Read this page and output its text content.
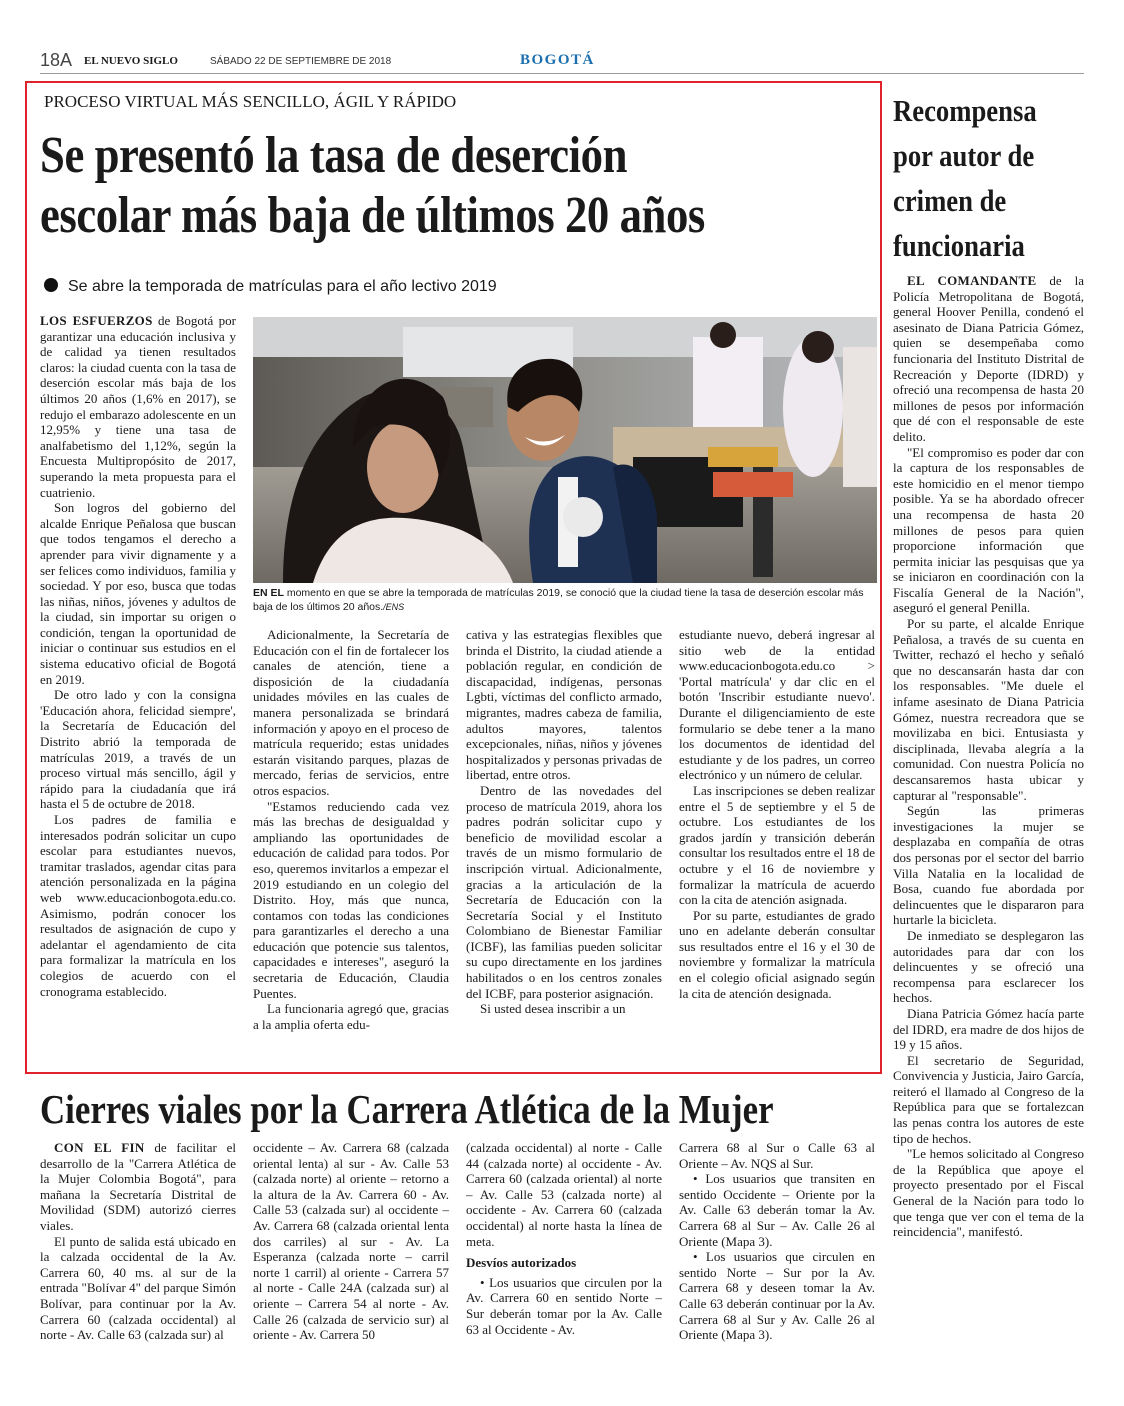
18A EL NUEVO SIGLO	SÁBADO 22 DE SEPTIEMBRE DE 2018	BOGOTÁ
PROCESO VIRTUAL MÁS SENCILLO, ÁGIL Y RÁPIDO
Se presentó la tasa de deserción escolar más baja de últimos 20 años
Se abre la temporada de matrículas para el año lectivo 2019

LOS ESFUERZOS de Bogotá por garantizar una educación inclusiva y de calidad ya tienen resultados claros: la ciudad cuenta con la tasa de deserción escolar más baja de los últimos 20 años (1,6% en 2017), se redujo el embarazo adolescente en un 12,95% y tiene una tasa de analfabetismo del 1,12%, según la Encuesta Multipropósito de 2017, superando la meta propuesta para el cuatrienio.

Son logros del gobierno del alcalde Enrique Peñalosa que buscan que todos tengamos el derecho a aprender para vivir dignamente y a ser felices como individuos, familia y sociedad. Y por eso, busca que todas las niñas, niños, jóvenes y adultos de la ciudad, sin importar su origen o condición, tengan la oportunidad de iniciar o continuar sus estudios en el sistema educativo oficial de Bogotá en 2019.

De otro lado y con la consigna 'Educación ahora, felicidad siempre', la Secretaría de Educación del Distrito abrió la temporada de matrículas 2019, a través de un proceso virtual más sencillo, ágil y rápido para la ciudadanía que irá hasta el 5 de octubre de 2018.

Los padres de familia e interesados podrán solicitar un cupo escolar para estudiantes nuevos, tramitar traslados, agendar citas para atención personalizada en la página web www.educacionbogota.edu.co. Asimismo, podrán conocer los resultados de asignación de cupo y adelantar el agendamiento de cita para formalizar la matrícula en los colegios de acuerdo con el cronograma establecido.

EN EL momento en que se abre la temporada de matrículas 2019, se conoció que la ciudad tiene la tasa de deserción escolar más baja de los últimos 20 años./ENS

Adicionalmente, la Secretaría de Educación con el fin de fortalecer los canales de atención, tiene a disposición de la ciudadanía unidades móviles en las cuales de manera personalizada se brindará información y apoyo en el proceso de matrícula requerido; estas unidades estarán visitando parques, plazas de mercado, ferias de servicios, entre otros espacios.

"Estamos reduciendo cada vez más las brechas de desigualdad y ampliando las oportunidades de educación de calidad para todos. Por eso, queremos invitarlos a empezar el 2019 estudiando en un colegio del Distrito. Hoy, más que nunca, contamos con todas las condiciones para garantizarles el derecho a una educación que potencie sus talentos, capacidades e intereses", aseguró la secretaria de Educación, Claudia Puentes.

La funcionaria agregó que, gracias a la amplia oferta edu-

cativa y las estrategias flexibles que brinda el Distrito, la ciudad atiende a población regular, en condición de discapacidad, indígenas, personas Lgbti, víctimas del conflicto armado, migrantes, madres cabeza de familia, adultos mayores, talentos excepcionales, niñas, niños y jóvenes hospitalizados y personas privadas de libertad, entre otros.

Dentro de las novedades del proceso de matrícula 2019, ahora los padres podrán solicitar cupo y beneficio de movilidad escolar a través de un mismo formulario de inscripción virtual. Adicionalmente, gracias a la articulación de la Secretaría de Educación con la Secretaría Social y el Instituto Colombiano de Bienestar Familiar (ICBF), las familias pueden solicitar su cupo directamente en los jardines habilitados o en los centros zonales del ICBF, para posterior asignación.

Si usted desea inscribir a un

estudiante nuevo, deberá ingresar al sitio web de la entidad www.educacionbogota.edu.co > 'Portal matrícula' y dar clic en el botón 'Inscribir estudiante nuevo'. Durante el diligenciamiento de este formulario se debe tener a la mano los documentos de identidad del estudiante y de los padres, un correo electrónico y un número de celular.

Las inscripciones se deben realizar entre el 5 de septiembre y el 5 de octubre. Los estudiantes de los grados jardín y transición deberán consultar los resultados entre el 18 de octubre y el 16 de noviembre y formalizar la matrícula de acuerdo con la cita de atención asignada.

Por su parte, estudiantes de grado uno en adelante deberán consultar sus resultados entre el 16 y el 30 de noviembre y formalizar la matrícula en el colegio oficial asignado según la cita de atención designada.

Recompensa por autor de crimen de funcionaria

EL COMANDANTE de la Policía Metropolitana de Bogotá, general Hoover Penilla, condenó el asesinato de Diana Patricia Gómez, quien se desempeñaba como funcionaria del Instituto Distrital de Recreación y Deporte (IDRD) y ofreció una recompensa de hasta 20 millones de pesos por información que dé con el responsable de este delito.

"El compromiso es poder dar con la captura de los responsables de este homicidio en el menor tiempo posible. Ya se ha abordado ofrecer una recompensa de hasta 20 millones de pesos para quien proporcione información que permita iniciar las pesquisas que ya se iniciaron en coordinación con la Fiscalía General de la Nación", aseguró el general Penilla.

Por su parte, el alcalde Enrique Peñalosa, a través de su cuenta en Twitter, rechazó el hecho y señaló que no descansarán hasta dar con los responsables. "Me duele el infame asesinato de Diana Patricia Gómez, nuestra recreadora que se movilizaba en bici. Entusiasta y disciplinada, llevaba alegría a la comunidad. Con nuestra Policía no descansaremos hasta ubicar y capturar al "responsable".

Según las primeras investigaciones la mujer se desplazaba en compañía de otras dos personas por el sector del barrio Villa Natalia en la localidad de Bosa, cuando fue abordada por delincuentes que le dispararon para hurtarle la bicicleta.

De inmediato se desplegaron las autoridades para dar con los delincuentes y se ofreció una recompensa para esclarecer los hechos.

Diana Patricia Gómez hacía parte del IDRD, era madre de dos hijos de 19 y 15 años.

El secretario de Seguridad, Convivencia y Justicia, Jairo García, reiteró el llamado al Congreso de la República para que se fortalezcan las penas contra los autores de este tipo de hechos.

"Le hemos solicitado al Congreso de la República que apoye el proyecto presentado por el Fiscal General de la Nación para todo lo que tenga que ver con el tema de la reincidencia", manifestó.

Cierres viales por la Carrera Atlética de la Mujer

CON EL FIN de facilitar el desarrollo de la "Carrera Atlética de la Mujer Colombia Bogotá", para mañana la Secretaría Distrital de Movilidad (SDM) autorizó cierres viales.

El punto de salida está ubicado en la calzada occidental de la Av. Carrera 60, 40 ms. al sur de la entrada "Bolívar 4" del parque Simón Bolívar, para continuar por la Av. Carrera 60 (calzada occidental) al norte - Av. Calle 63 (calzada sur) al

occidente – Av. Carrera 68 (calzada oriental lenta) al sur - Av. Calle 53 (calzada norte) al oriente – retorno a la altura de la Av. Carrera 60 - Av. Calle 53 (calzada sur) al occidente – Av. Carrera 68 (calzada oriental lenta dos carriles) al sur - Av. La Esperanza (calzada norte – carril norte 1 carril) al oriente - Carrera 57 al norte - Calle 24A (calzada sur) al oriente – Carrera 54 al norte - Av. Calle 26 (calzada de servicio sur) al oriente - Av. Carrera 50

(calzada occidental) al norte - Calle 44 (calzada norte) al occidente - Av. Carrera 60 (calzada oriental) al norte – Av. Calle 53 (calzada norte) al occidente - Av. Carrera 60 (calzada occidental) al norte hasta la línea de meta.

Desvíos autorizados

• Los usuarios que circulen por la Av. Carrera 60 en sentido Norte – Sur deberán tomar por la Av. Calle 63 al Occidente - Av.

Carrera 68 al Sur o Calle 63 al Oriente – Av. NQS al Sur.

• Los usuarios que transiten en sentido Occidente – Oriente por la Av. Calle 63 deberán tomar la Av. Carrera 68 al Sur – Av. Calle 26 al Oriente (Mapa 3).

• Los usuarios que circulen en sentido Norte – Sur por la Av. Carrera 68 y deseen tomar la Av. Calle 63 deberán continuar por la Av. Carrera 68 al Sur y Av. Calle 26 al Oriente (Mapa 3).
